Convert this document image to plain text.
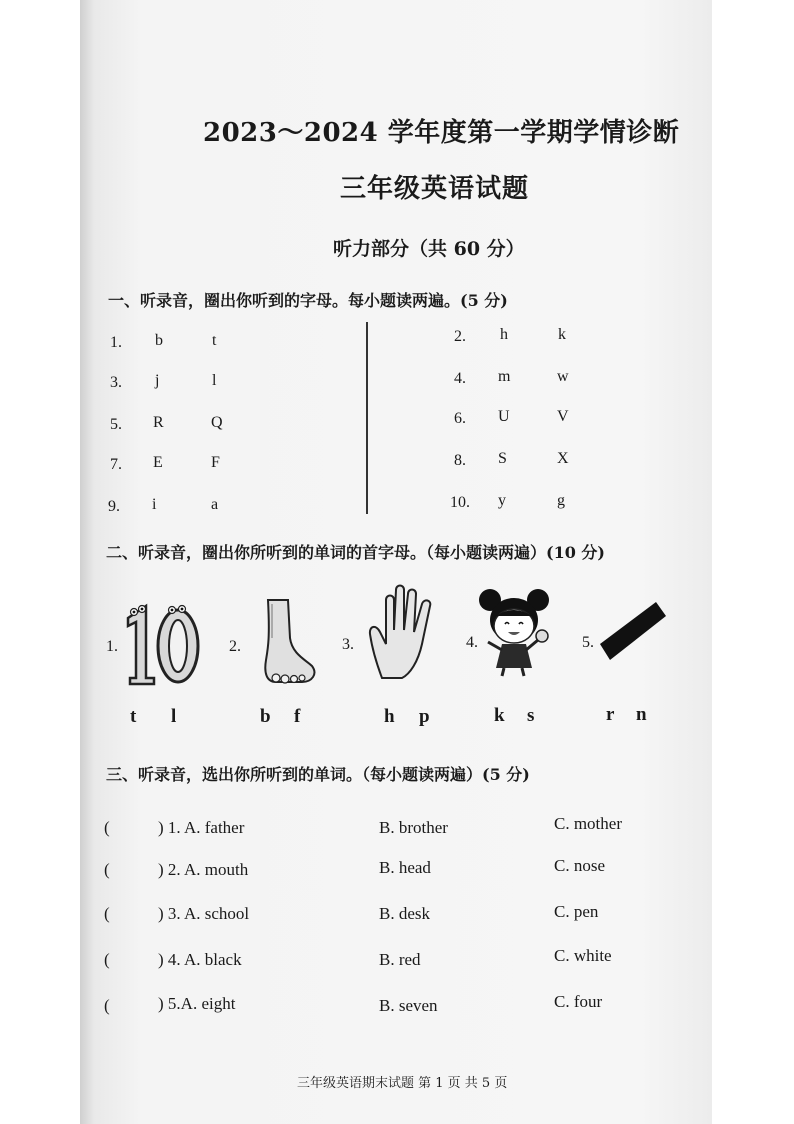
2023～2024 学年度第一学期学情诊断
三年级英语试题
听力部分（共 60 分）
一、听录音，圈出你听到的字母。每小题读两遍。(5 分)
1. b	t
3. j	l
5. R	Q
7. E	F
9. i	a
2. h	k
4. m	w
6. U	V
8. S	X
10. y	g
二、听录音，圈出你所听到的单词的首字母。（每小题读两遍）(10 分)
1.	2.	3.	4.	5.
t l	b f	h p	k s	r n
三、听录音，选出你所听到的单词。（每小题读两遍）(5 分)
(	) 1. A. father	B. brother	C. mother
(	) 2. A. mouth	B. head	C. nose
(	) 3. A. school	B. desk	C. pen
(	) 4. A. black	B. red	C. white
(	) 5.A. eight	B. seven	C. four
三年级英语期末试题 第 1 页 共 5 页
